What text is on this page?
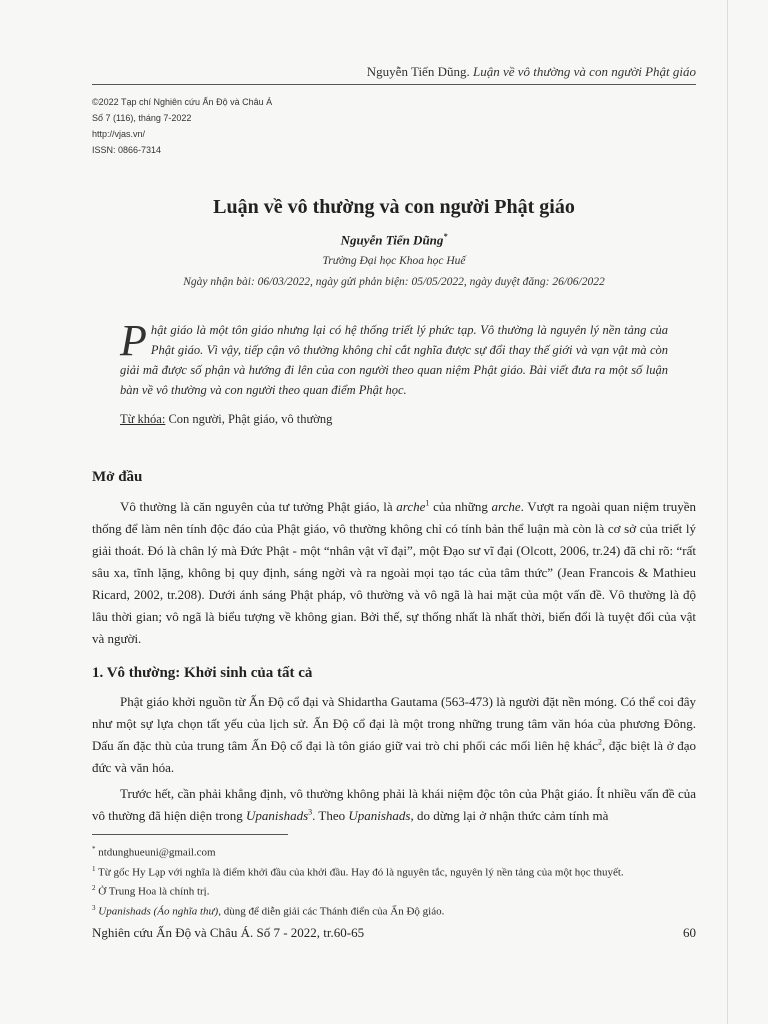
Nguyễn Tiến Dũng. Luận về vô thường và con người Phật giáo
©2022 Tạp chí Nghiên cứu Ấn Độ và Châu Á
Số 7 (116), tháng 7-2022
http://vjas.vn/
ISSN: 0866-7314
Luận về vô thường và con người Phật giáo
Nguyễn Tiến Dũng*
Trường Đại học Khoa học Huế
Ngày nhận bài: 06/03/2022, ngày gửi phản biện: 05/05/2022, ngày duyệt đăng: 26/06/2022
Phật giáo là một tôn giáo nhưng lại có hệ thống triết lý phức tạp. Vô thường là nguyên lý nền tảng của Phật giáo. Vì vậy, tiếp cận vô thường không chỉ cắt nghĩa được sự đổi thay thế giới và vạn vật mà còn giải mã được số phận và hướng đi lên của con người theo quan niệm Phật giáo. Bài viết đưa ra một số luận bàn về vô thường và con người theo quan điểm Phật học.
Từ khóa: Con người, Phật giáo, vô thường
Mở đầu
Vô thường là căn nguyên của tư tưởng Phật giáo, là arche$^1$ của những arche. Vượt ra ngoài quan niệm truyền thống để làm nên tính độc đáo của Phật giáo, vô thường không chỉ có tính bản thể luận mà còn là cơ sở của triết lý giải thoát. Đó là chân lý mà Đức Phật - một “nhân vật vĩ đại”, một Đạo sư vĩ đại (Olcott, 2006, tr.24) đã chỉ rõ: “rất sâu xa, tĩnh lặng, không bị quy định, sáng ngời và ra ngoài mọi tạo tác của tâm thức” (Jean Francois & Mathieu Ricard, 2002, tr.208). Dưới ánh sáng Phật pháp, vô thường và vô ngã là hai mặt của một vấn đề. Vô thường là độ lâu thời gian; vô ngã là biểu tượng về không gian. Bởi thế, sự thống nhất là nhất thời, biến đổi là tuyệt đối của vật và người.
1. Vô thường: Khởi sinh của tất cả
Phật giáo khởi nguồn từ Ấn Độ cổ đại và Shidartha Gautama (563-473) là người đặt nền móng. Có thể coi đây như một sự lựa chọn tất yếu của lịch sử. Ấn Độ cổ đại là một trong những trung tâm văn hóa của phương Đông. Dấu ấn đặc thù của trung tâm Ấn Độ cổ đại là tôn giáo giữ vai trò chi phối các mối liên hệ khác$^2$, đặc biệt là ở đạo đức và văn hóa.
Trước hết, cần phải khẳng định, vô thường không phải là khái niệm độc tôn của Phật giáo. Ít nhiều vấn đề của vô thường đã hiện diện trong Upanishads$^3$. Theo Upanishads, do dừng lại ở nhận thức cảm tính mà
* ntdunghueuni@gmail.com
$^1$ Từ gốc Hy Lạp với nghĩa là điểm khởi đầu của khởi đầu. Hay đó là nguyên tắc, nguyên lý nền tảng của một học thuyết.
$^2$ Ở Trung Hoa là chính trị.
$^3$ Upanishads (Áo nghĩa thư), dùng để diễn giải các Thánh điển của Ấn Độ giáo.
Nghiên cứu Ấn Độ và Châu Á. Số 7 - 2022, tr.60-65	60
